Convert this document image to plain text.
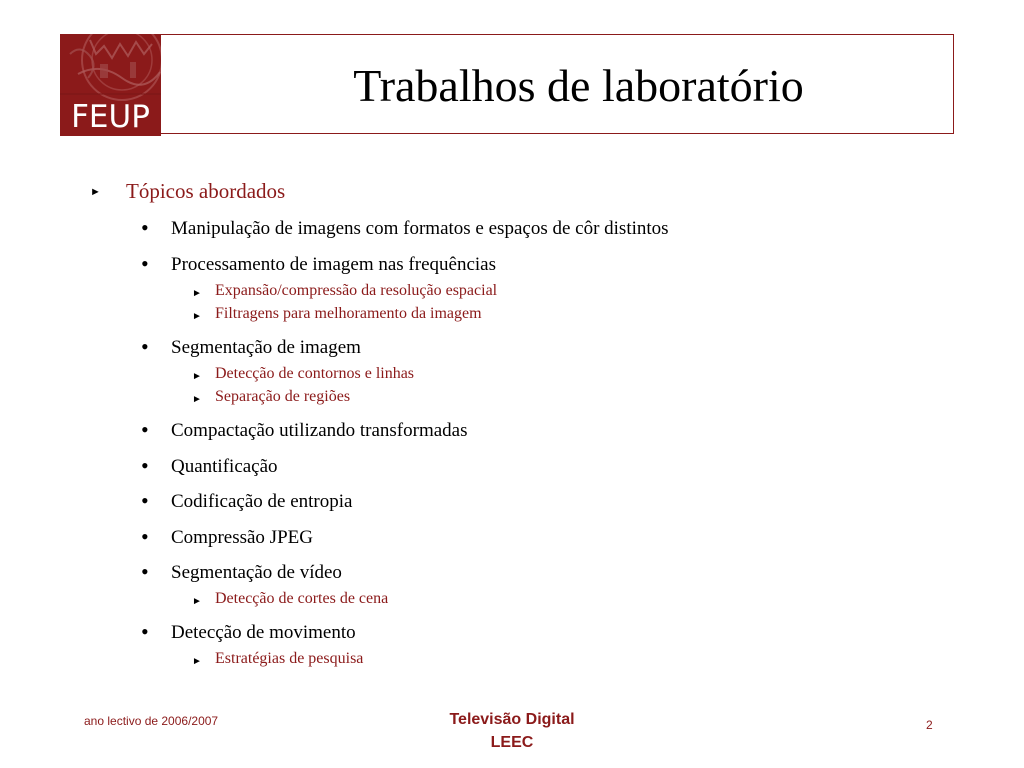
FEUP
Trabalhos de laboratório
► Tópicos abordados
• Manipulação de imagens com formatos e espaços de côr distintos
• Processamento de imagem nas frequências
► Expansão/compressão da resolução espacial
► Filtragens para melhoramento da imagem
• Segmentação de imagem
► Detecção de contornos e linhas
► Separação de regiões
• Compactação utilizando transformadas
• Quantificação
• Codificação de entropia
• Compressão JPEG
• Segmentação de vídeo
► Detecção de cortes de cena
• Detecção de movimento
► Estratégias de pesquisa
ano lectivo de 2006/2007	Televisão Digital
LEEC
2
